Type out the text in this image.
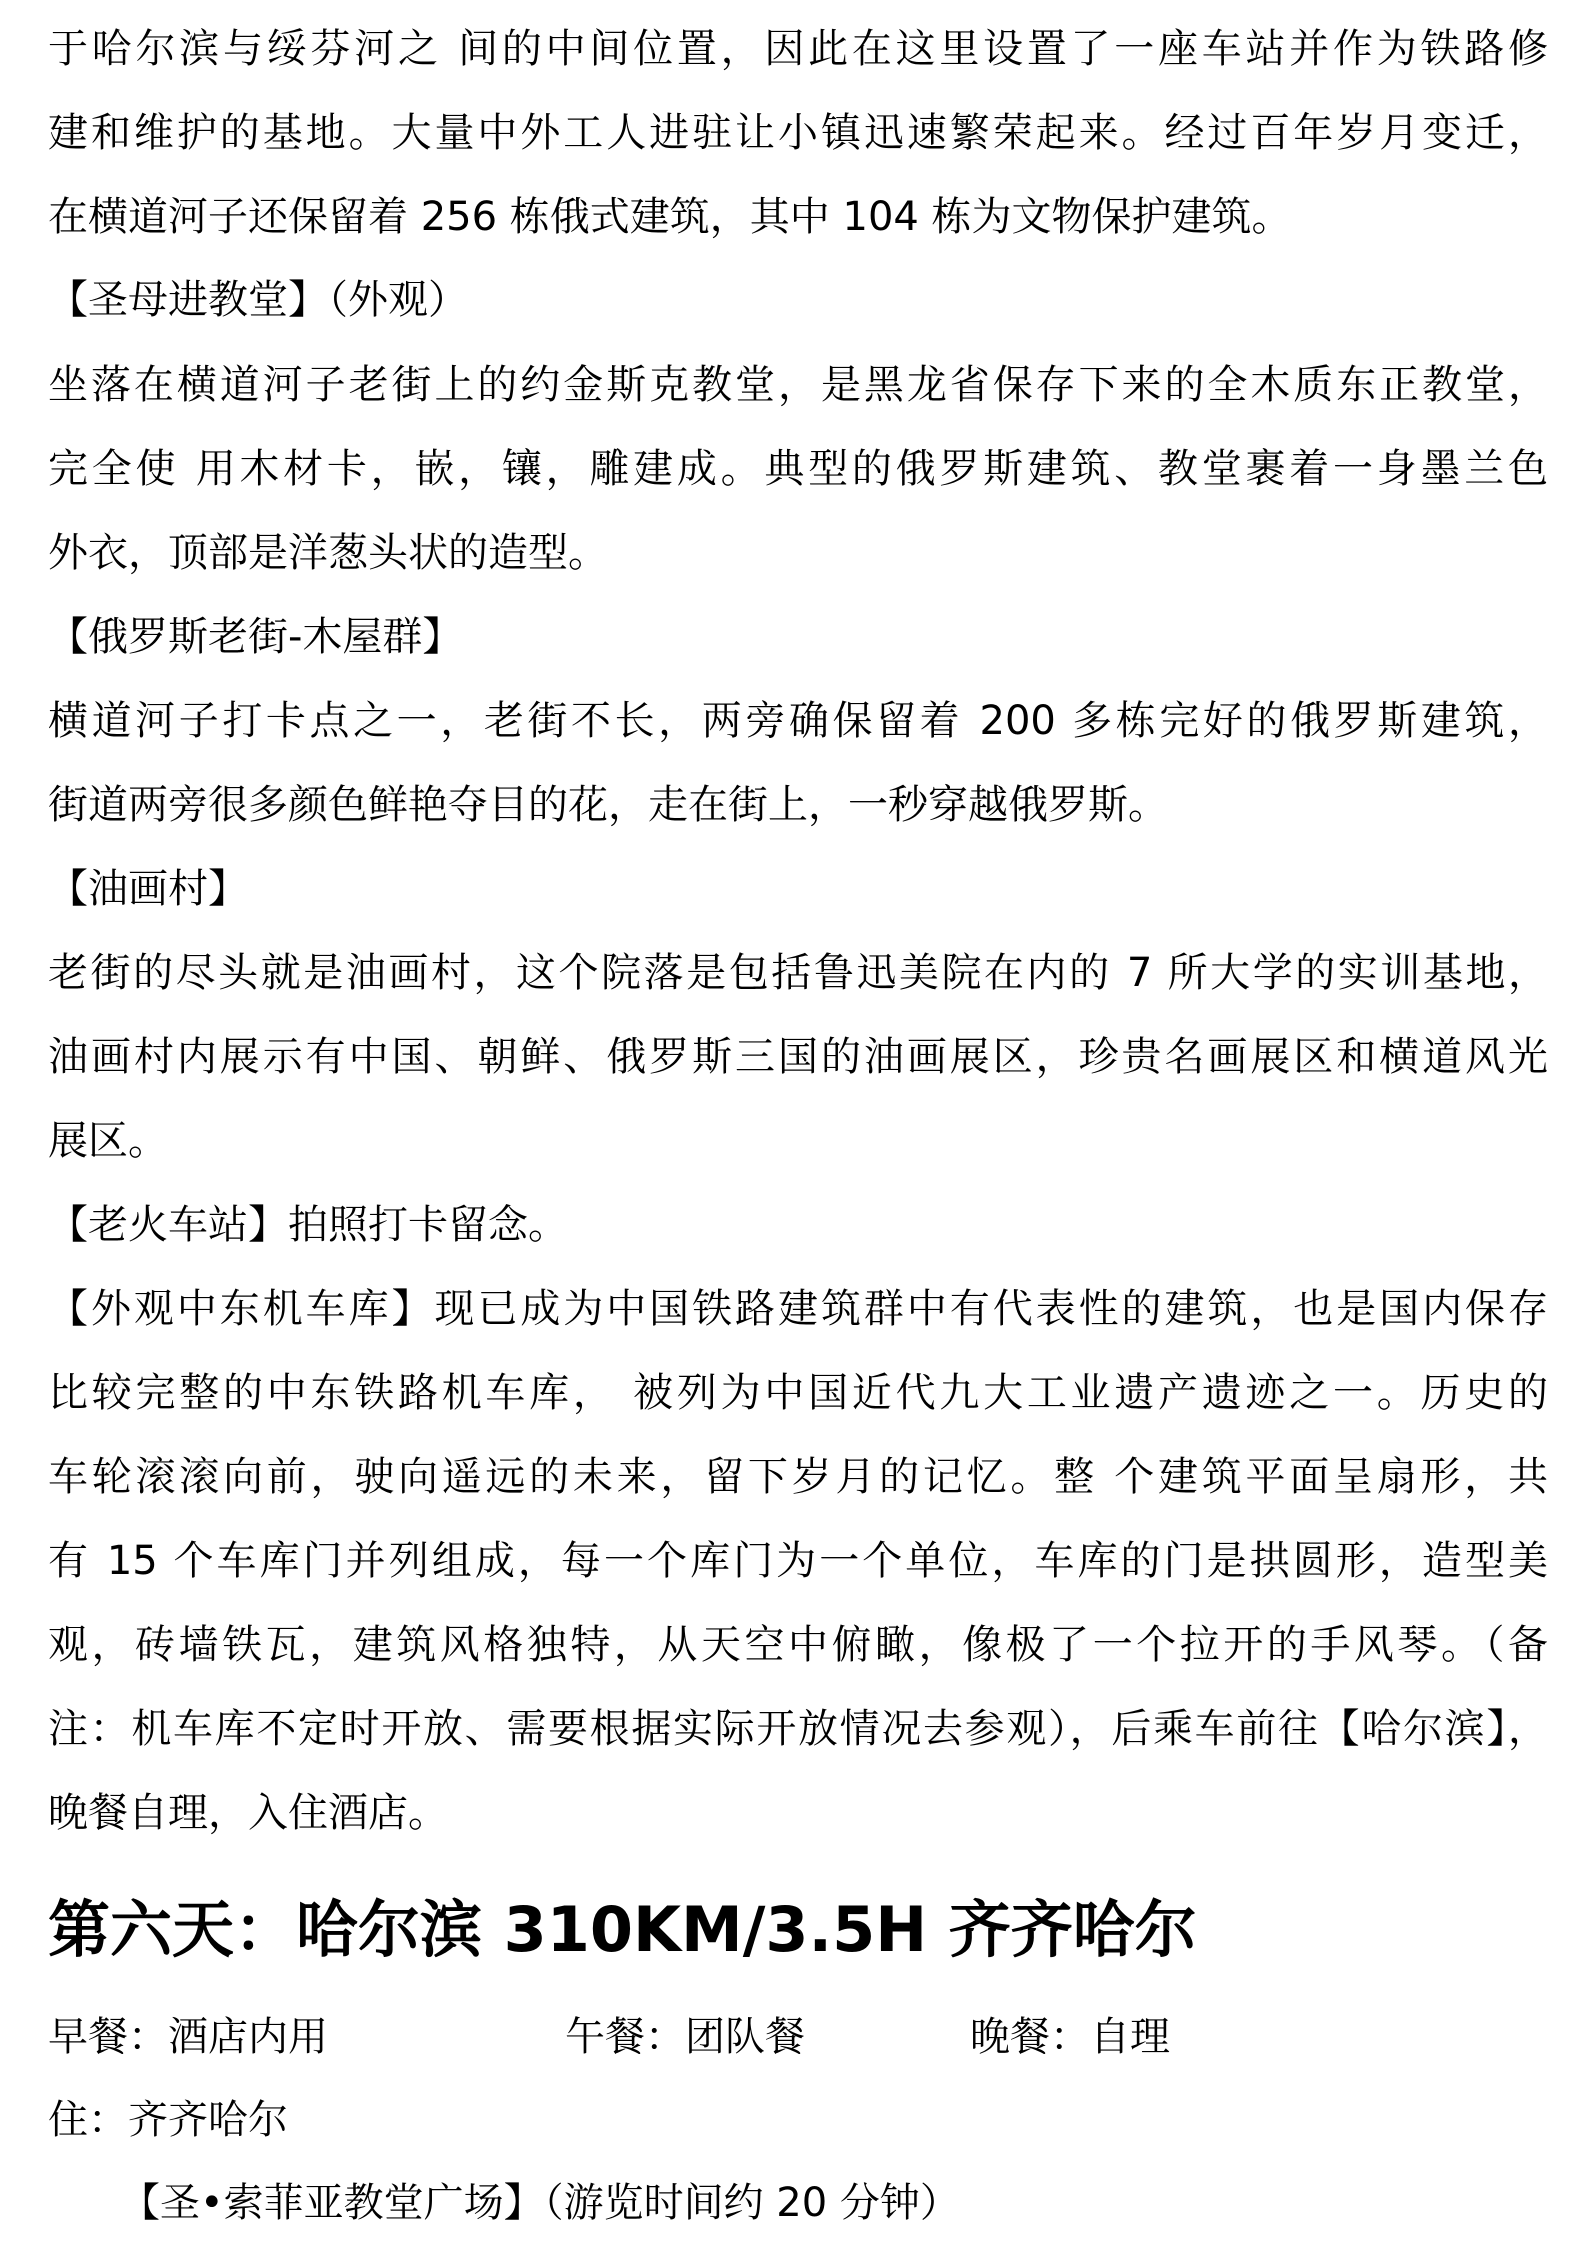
于哈尔滨与绥芬河之 间的中间位置，因此在这里设置了一座车站并作为铁路修
建和维护的基地。大量中外工人进驻让小镇迅速繁荣起来。经过百年岁月变迁，
在横道河子还保留着 256 栋俄式建筑，其中 104 栋为文物保护建筑。
【圣母进教堂】（外观）
坐落在横道河子老街上的约金斯克教堂，是黑龙省保存下来的全木质东正教堂，
完全使 用木材卡，嵌，镶，雕建成。典型的俄罗斯建筑、教堂裹着一身墨兰色
外衣，顶部是洋葱头状的造型。
【俄罗斯老街-木屋群】
横道河子打卡点之一，老街不长，两旁确保留着 200 多栋完好的俄罗斯建筑，
街道两旁很多颜色鲜艳夺目的花，走在街上，一秒穿越俄罗斯。
【油画村】
老街的尽头就是油画村，这个院落是包括鲁迅美院在内的 7 所大学的实训基地，
油画村内展示有中国、朝鲜、俄罗斯三国的油画展区，珍贵名画展区和横道风光
展区。
【老火车站】拍照打卡留念。
【外观中东机车库】现已成为中国铁路建筑群中有代表性的建筑，也是国内保存
比较完整的中东铁路机车库， 被列为中国近代九大工业遗产遗迹之一。历史的
车轮滚滚向前，驶向遥远的未来，留下岁月的记忆。整 个建筑平面呈扇形，共
有 15 个车库门并列组成，每一个库门为一个单位，车库的门是拱圆形，造型美
观，砖墙铁瓦，建筑风格独特，从天空中俯瞰，像极了一个拉开的手风琴。（备
注：机车库不定时开放、需要根据实际开放情况去参观），后乘车前往【哈尔滨】，
晚餐自理，入住酒店。
第六天：哈尔滨 310KM/3.5H 齐齐哈尔
早餐：酒店内用	午餐：团队餐	晚餐：自理
住：齐齐哈尔
【圣•索菲亚教堂广场】（游览时间约 20 分钟）
